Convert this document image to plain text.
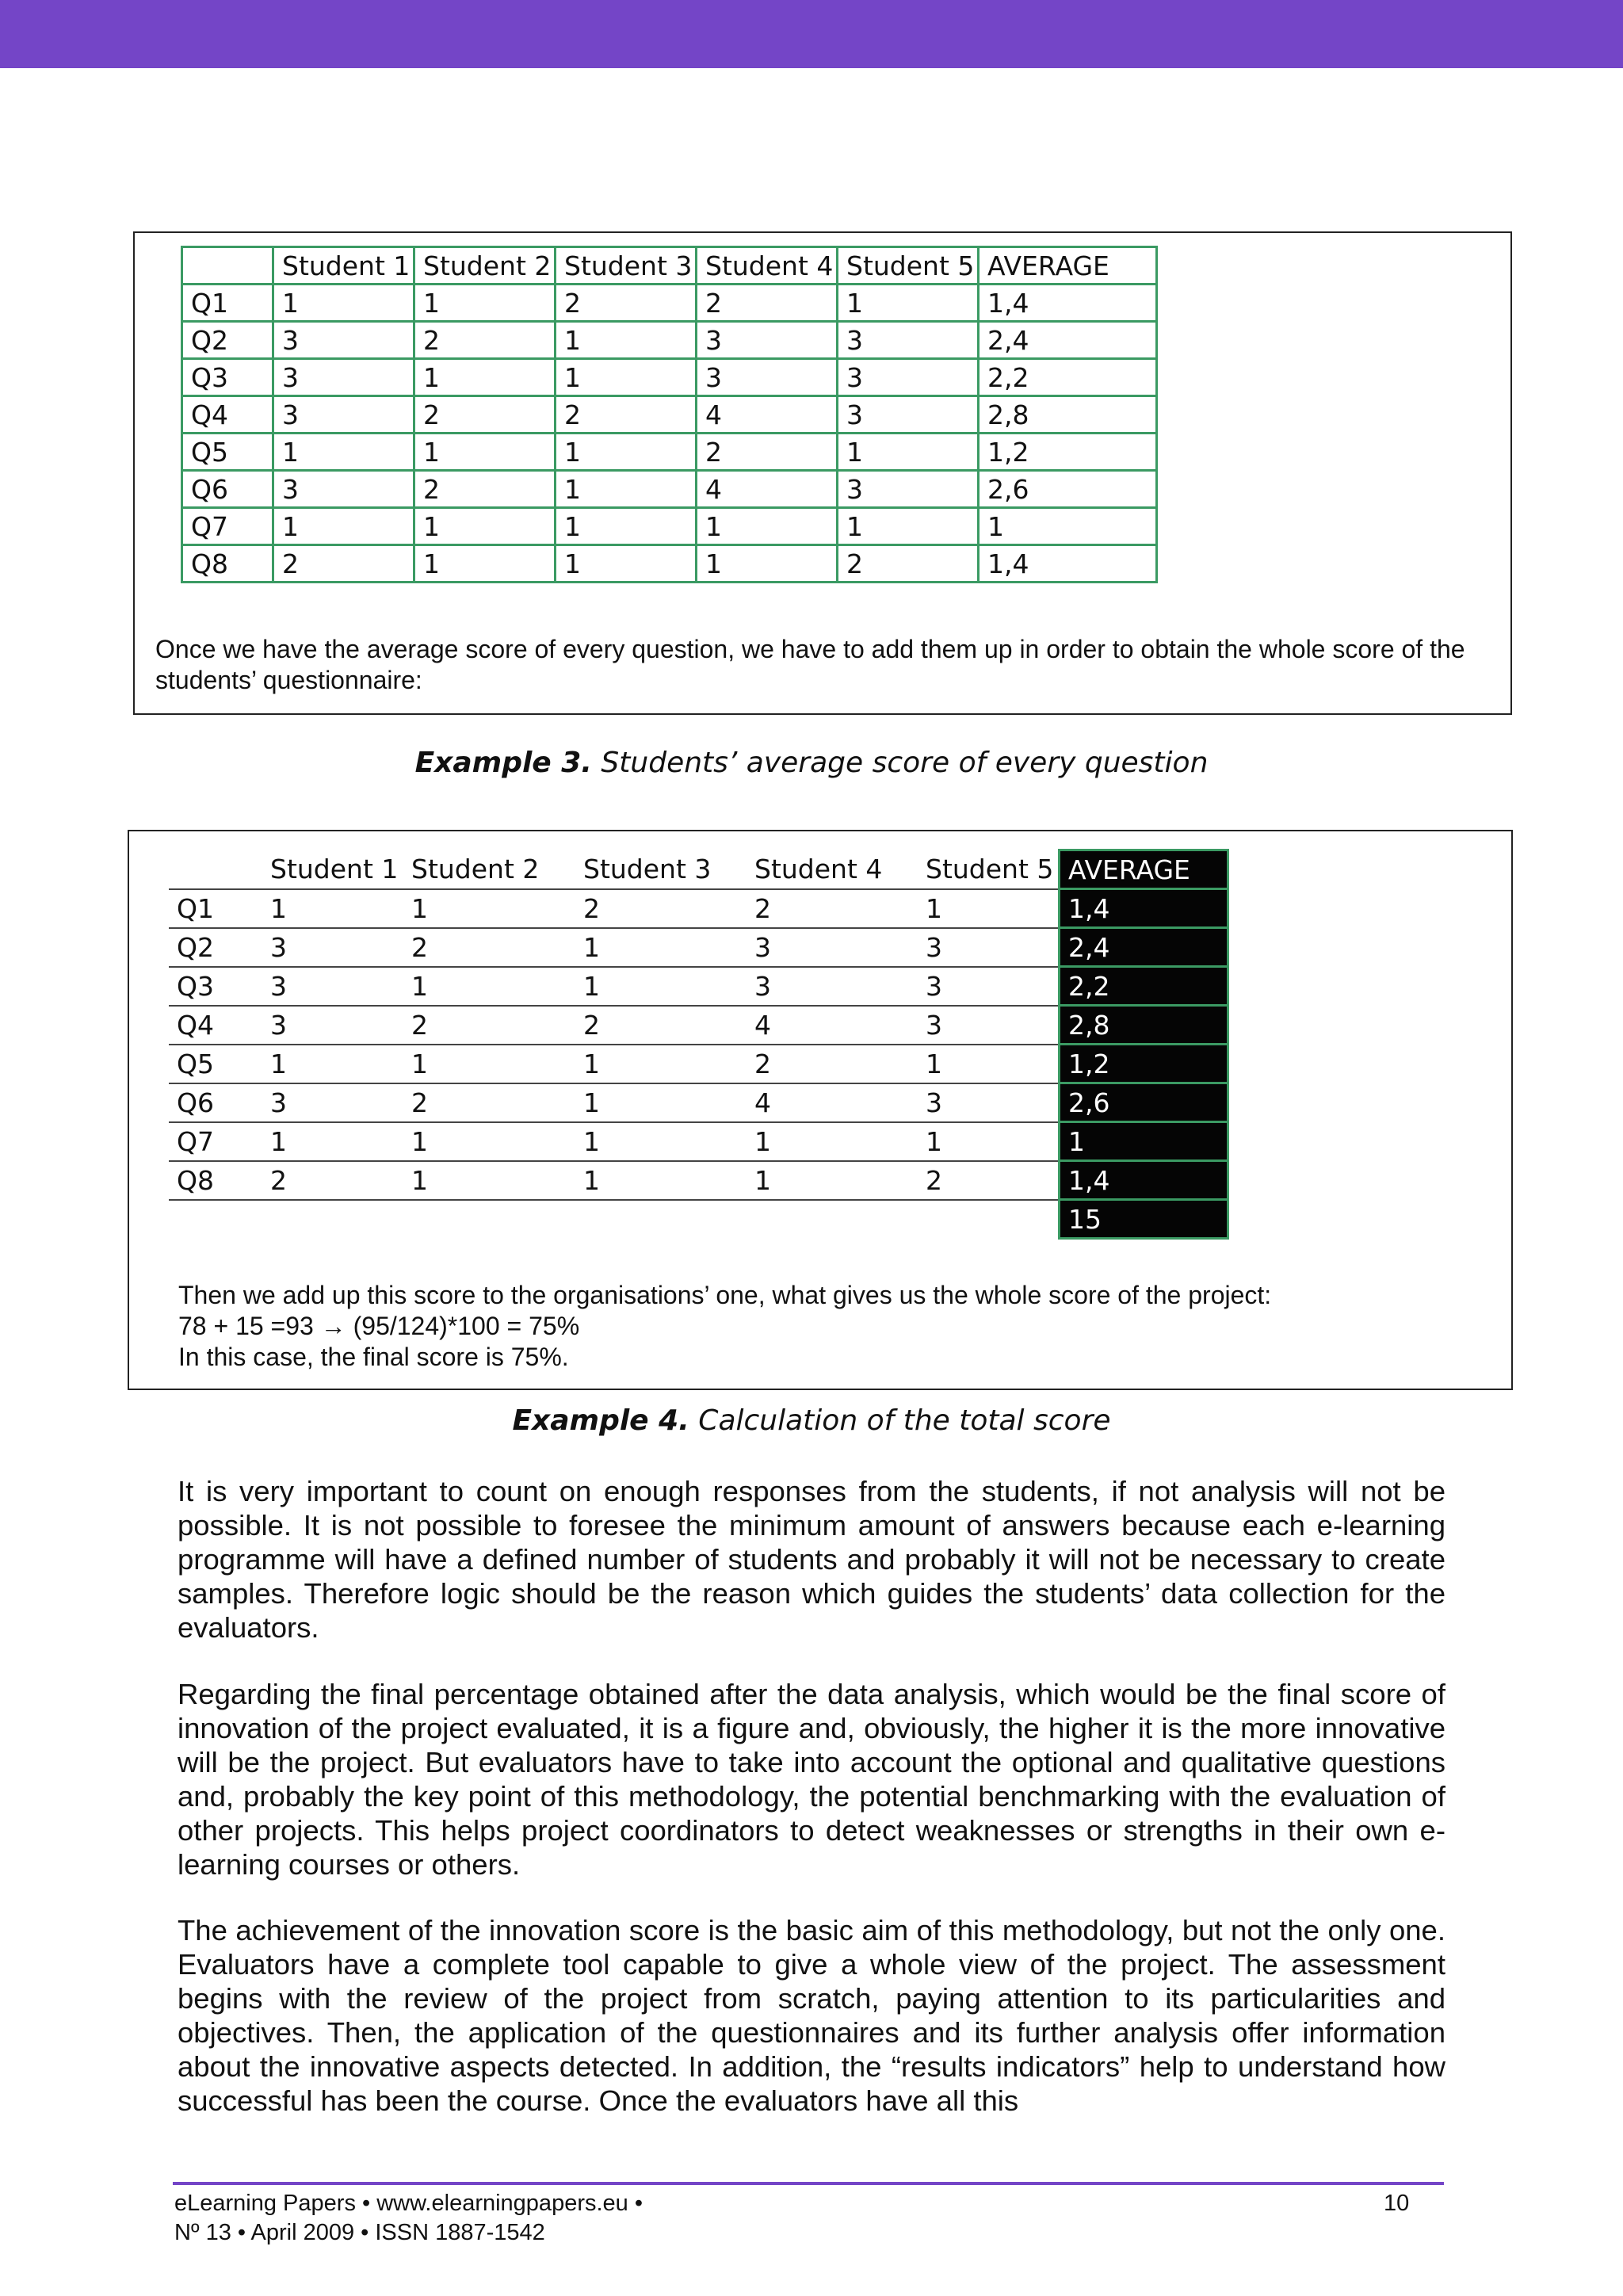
	Student 1	Student 2	Student 3	Student 4	Student 5	AVERAGE
Q1	1	1	2	2	1	1,4
Q2	3	2	1	3	3	2,4
Q3	3	1	1	3	3	2,2
Q4	3	2	2	4	3	2,8
Q5	1	1	1	2	1	1,2
Q6	3	2	1	4	3	2,6
Q7	1	1	1	1	1	1
Q8	2	1	1	1	2	1,4

Once we have the average score of every question, we have to add them up in order to obtain the whole score of the students’ questionnaire:

Example 3. Students’ average score of every question

	Student 1	Student 2	Student 3	Student 4	Student 5	AVERAGE
Q1	1	1	2	2	1	1,4
Q2	3	2	1	3	3	2,4
Q3	3	1	1	3	3	2,2
Q4	3	2	2	4	3	2,8
Q5	1	1	1	2	1	1,2
Q6	3	2	1	4	3	2,6
Q7	1	1	1	1	1	1
Q8	2	1	1	1	2	1,4
						15
Then we add up this score to the organisations’ one, what gives us the whole score of the project:
78 + 15 =93 → (95/124)*100 = 75%
In this case, the final score is 75%.

Example 4. Calculation of the total score

It is very important to count on enough responses from the students, if not analysis will not be possible. It is not possible to foresee the minimum amount of answers because each e-learning programme will have a defined number of students and probably it will not be necessary to create samples. Therefore logic should be the reason which guides the students’ data collection for the evaluators.

Regarding the final percentage obtained after the data analysis, which would be the final score of innovation of the project evaluated, it is a figure and, obviously, the higher it is the more innovative will be the project. But evaluators have to take into account the optional and qualitative questions and, probably the key point of this methodology, the potential benchmarking with the evaluation of other projects. This helps project coordinators to detect weaknesses or strengths in their own e-learning courses or others.

The achievement of the innovation score is the basic aim of this methodology, but not the only one. Evaluators have a complete tool capable to give a whole view of the project. The assessment begins with the review of the project from scratch, paying attention to its particularities and objectives. Then, the application of the questionnaires and its further analysis offer information about the innovative aspects detected. In addition, the “results indicators” help to understand how successful has been the course. Once the evaluators have all this

eLearning Papers • www.elearningpapers.eu •
Nº 13 • April 2009 • ISSN 1887-1542
10
